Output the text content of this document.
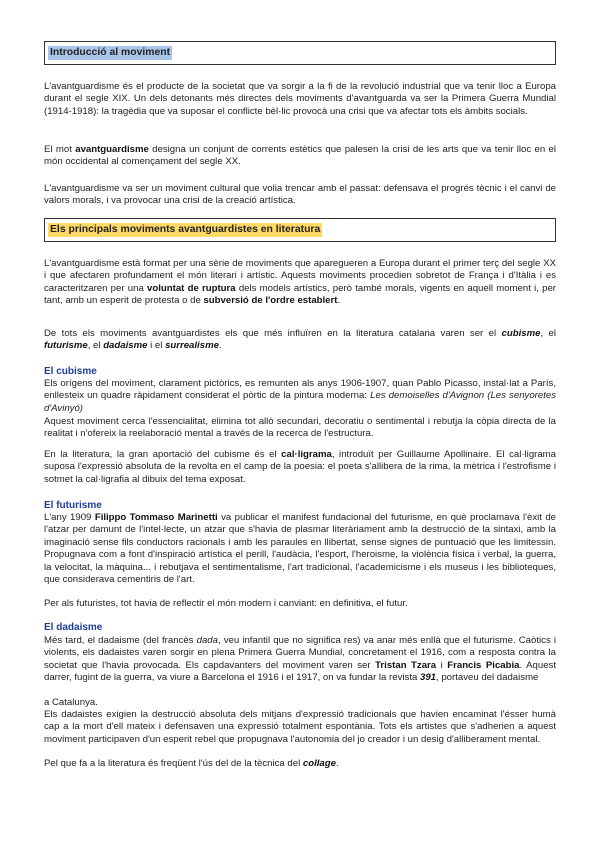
Introducció al moviment
L'avantguardisme és el producte de la societat que va sorgir a la fi de la revolució industrial que va tenir lloc a Europa durant el segle XIX. Un dels detonants més directes dels moviments d'avantguarda va ser la Primera Guerra Mundial (1914-1918): la tragèdia que va suposar el conflicte bèl·lic provocà una crisi que va afectar tots els àmbits socials.
El mot avantguardisme designa un conjunt de corrents estètics que palesen la crisi de les arts que va tenir lloc en el món occidental al començament del segle XX.
L'avantguardisme va ser un moviment cultural que volia trencar amb el passat: defensava el progrés tècnic i el canvi de valors morals, i va provocar una crisi de la creació artística.
Els principals moviments avantguardistes en literatura
L'avantguardisme està format per una sèrie de moviments que aparegueren a Europa durant el primer terç del segle XX i que afectaren profundament el món literari i artístic. Aquests moviments procedien sobretot de França i d'Itàlia i es caracteritzaren per una voluntat de ruptura dels models artístics, però també morals, vigents en aquell moment i, per tant, amb un esperit de protesta o de subversió de l'ordre establert.
De tots els moviments avantguardistes els que més influïren en la literatura catalana varen ser el cubisme, el futurisme, el dadaisme i el surrealisme.
El cubisme
Els orígens del moviment, clarament pictòrics, es remunten als anys 1906-1907, quan Pablo Picasso, instal·lat a París, enllesteix un quadre ràpidament considerat el pòrtic de la pintura moderna: Les demoiselles d'Avignon (Les senyoretes d'Avinyó)
Aquest moviment cerca l'essencialitat, elimina tot allò secundari, decoratiu o sentimental i rebutja la còpia directa de la realitat i n'ofereix la reelaboració mental a través de la recerca de l'estructura.
En la literatura, la gran aportació del cubisme és el cal·ligrama, introduït per Guillaume Apollinaire. El cal·ligrama suposa l'expressió absoluta de la revolta en el camp de la poesia: el poeta s'allibera de la rima, la mètrica i l'estrofisme i sotmet la cal·ligrafia al dibuix del tema exposat.
El futurisme
L'any 1909 Filippo Tommaso Marinetti va publicar el manifest fundacional del futurisme, en què proclamava l'èxit de l'atzar per damunt de l'intel·lecte, un atzar que s'havia de plasmar literàriament amb la destrucció de la sintaxi, amb la imaginació sense fils conductors racionals i amb les paraules en llibertat, sense signes de puntuació que les limitessin. Propugnava com a font d'inspiració artística el perill, l'audàcia, l'esport, l'heroisme, la violència física i verbal, la guerra, la velocitat, la màquina... i rebutjava el sentimentalisme, l'art tradicional, l'academicisme i els museus i les biblioteques, que considerava cementiris de l'art.
Per als futuristes, tot havia de reflectir el món modern i canviant: en definitiva, el futur.
El dadaisme
Més tard, el dadaisme (del francès dada, veu infantil que no significa res) va anar més enllà que el futurisme. Caòtics i violents, els dadaistes varen sorgir en plena Primera Guerra Mundial, concretament el 1916, com a resposta contra la societat que l'havia provocada. Els capdavanters del moviment varen ser Tristan Tzara i Francis Picabia. Aquest darrer, fugint de la guerra, va viure a Barcelona el 1916 i el 1917, on va fundar la revista 391, portaveu del dadaisme
a Catalunya.
Els dadaistes exigien la destrucció absoluta dels mitjans d'expressió tradicionals que havien encaminat l'ésser humà cap a la mort d'ell mateix i defensaven una expressió totalment espontània. Tots els artistes que s'adherien a aquest moviment participaven d'un esperit rebel que propugnava l'autonomia del jo creador i un desig d'alliberament mental.
Pel que fa a la literatura és freqüent l'ús del de la tècnica del collage.
